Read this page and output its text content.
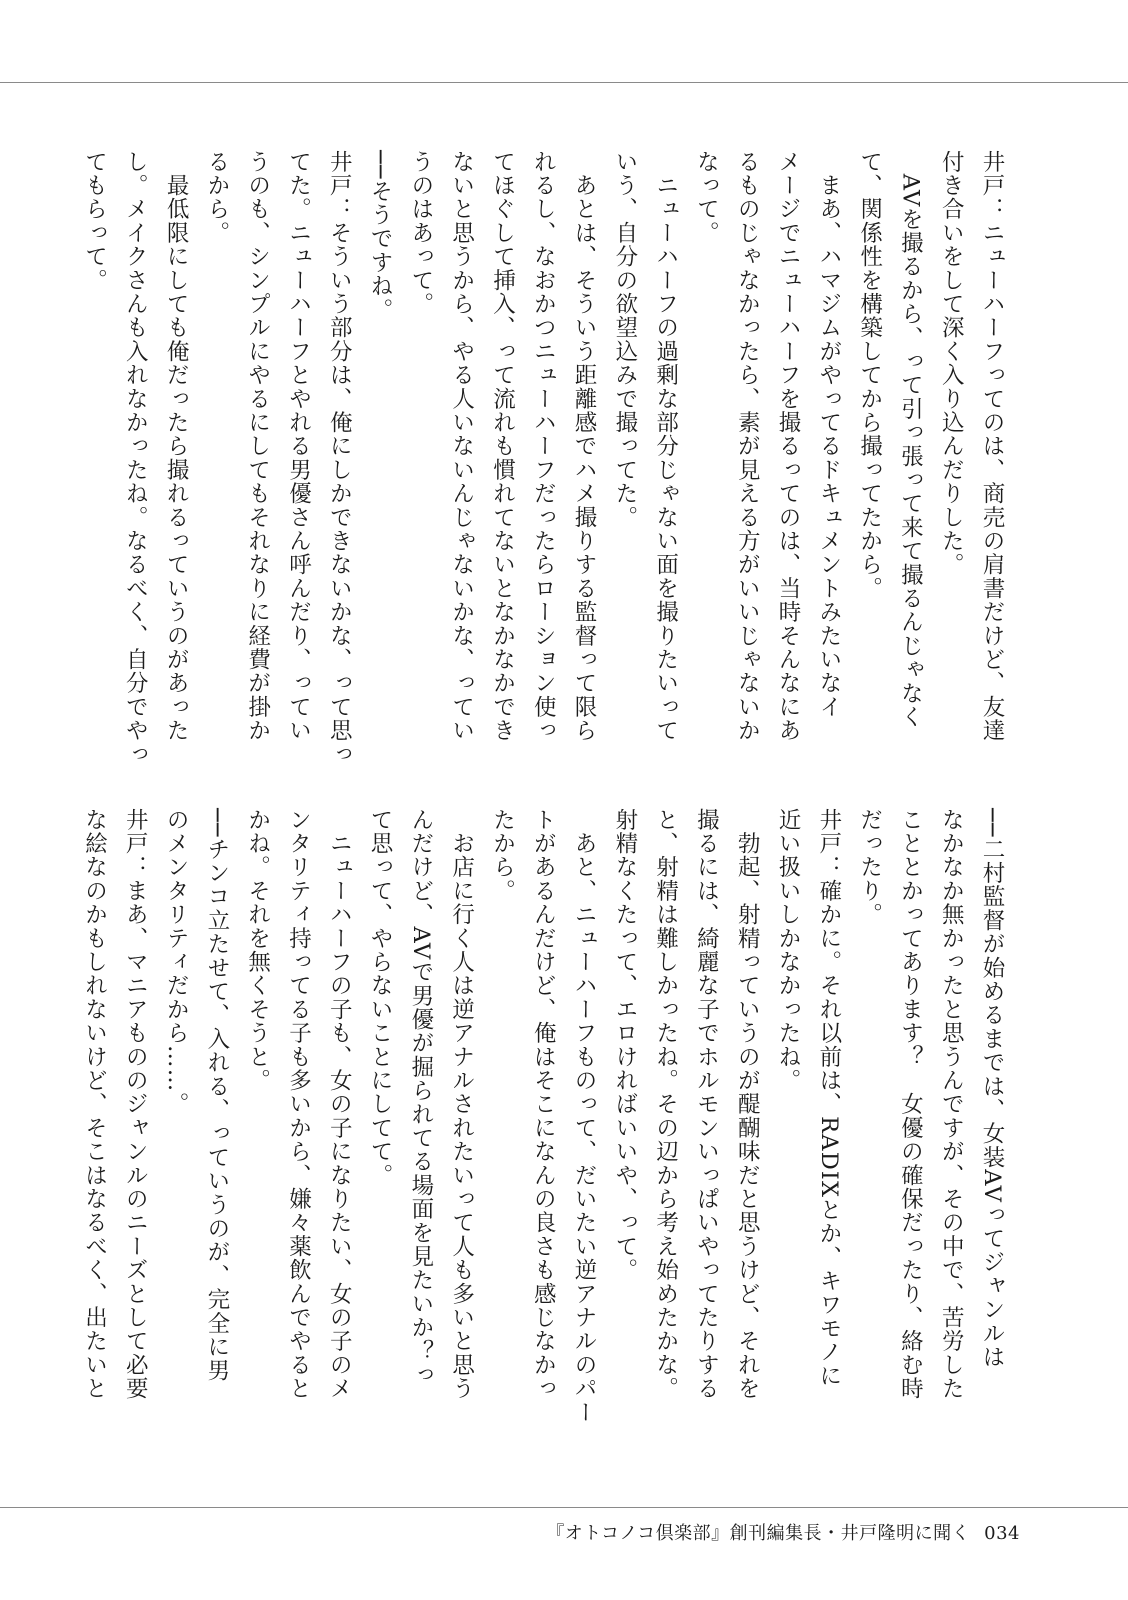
井戸：ニューハーフってのは、商売の肩書だけど、友達
付き合いをして深く入り込んだりした。
　AVを撮るから、って引っ張って来て撮るんじゃなく
て、関係性を構築してから撮ってたから。
　まあ、ハマジムがやってるドキュメントみたいなイ
メージでニューハーフを撮るってのは、当時そんなにあ
るものじゃなかったら、素が見える方がいいじゃないか
なって。
　ニューハーフの過剰な部分じゃない面を撮りたいって
いう、自分の欲望込みで撮ってた。
　あとは、そういう距離感でハメ撮りする監督って限ら
れるし、なおかつニューハーフだったらローション使っ
てほぐして挿入、って流れも慣れてないとなかなかでき
ないと思うから、やる人いないんじゃないかな、ってい
うのはあって。
──そうですね。
井戸：そういう部分は、俺にしかできないかな、って思っ
てた。ニューハーフとやれる男優さん呼んだり、ってい
うのも、シンプルにやるにしてもそれなりに経費が掛か
るから。
　最低限にしても俺だったら撮れるっていうのがあった
し。メイクさんも入れなかったね。なるべく、自分でやっ
てもらって。
──二村監督が始めるまでは、女装AVってジャンルは
なかなか無かったと思うんですが、その中で、苦労した
こととかってあります？　女優の確保だったり、絡む時
だったり。
井戸：確かに。それ以前は、RADIXとか、キワモノに
近い扱いしかなかったね。
　勃起、射精っていうのが醍醐味だと思うけど、それを
撮るには、綺麗な子でホルモンいっぱいやってたりする
と、射精は難しかったね。その辺から考え始めたかな。
射精なくたって、エロければいいや、って。
　あと、ニューハーフものって、だいたい逆アナルのパー
トがあるんだけど、俺はそこになんの良さも感じなかっ
たから。
　お店に行く人は逆アナルされたいって人も多いと思う
んだけど、AVで男優が掘られてる場面を見たいか？っ
て思って、やらないことにしてて。
　ニューハーフの子も、女の子になりたい、女の子のメ
ンタリティ持ってる子も多いから、嫌々薬飲んでやると
かね。それを無くそうと。
──チンコ立たせて、入れる、っていうのが、完全に男
のメンタリティだから……。
井戸：まあ、マニアもののジャンルのニーズとして必要
な絵なのかもしれないけど、そこはなるべく、出たいと
『オトコノコ倶楽部』創刊編集長・井戸隆明に聞く 034
